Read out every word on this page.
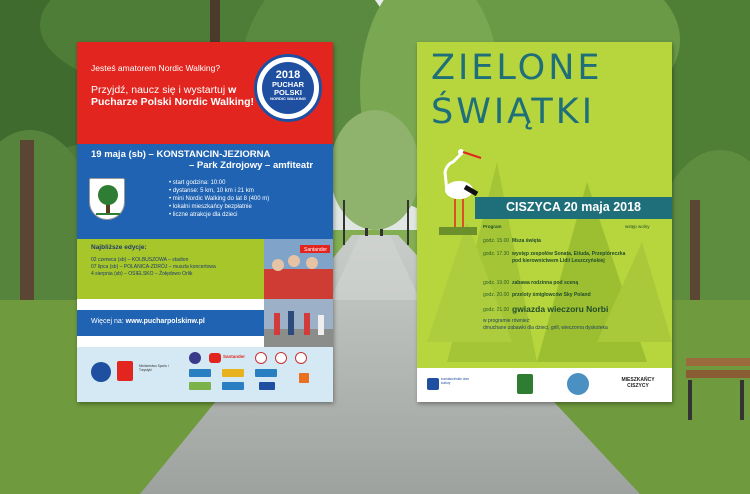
Jesteś amatorem Nordic Walking?
Przyjdź, naucz się i wystartuj w Pucharze Polski Nordic Walking!
2018
PUCHAR
POLSKI
NORDIC WALKING
19 maja (sb) – KONSTANCIN-JEZIORNA
– Park Zdrojowy – amfiteatr
• start godzina: 10:00
• dystanse: 5 km, 10 km i 21 km
• mini Nordic Walking do lat 8 (400 m)
• lokalni mieszkańcy bezpłatnie
• liczne atrakcje dla dzieci
Najbliższe edycje:
02 czerwca (sb) – KOLBUSZOWA – stadion
07 lipca (sb) – POLANICA-ZDRÓJ – muszla koncertowa
4 sierpnia (sb) – OSIELSKO – Żołędowo Orlik
Santander
Więcej na: www.pucharpolskinw.pl
Ministerstwo Sportu i Turystyki
Santander
ZIELONE
ŚWIĄTKI
CISZYCA 20 maja 2018
Program	wstęp wolny
godz. 15.00 Msza święta
godz. 17.30 występ zespołów Sonata, Etiuda, Przepióreczka pod kierownictwem Lidii Leszczyńskiej
godz. 19.00 zabawa rodzinna pod sceną
godz. 20.00 przeloty śmigłowców Sky Poland
godz. 21.00 gwiazda wieczoru Norbi
w programie również:
dmuchane zabawki dla dzieci, grill, wieczorna dyskoteka
konstancińskie dom kultury	MIESZKAŃCY CISZYCY
